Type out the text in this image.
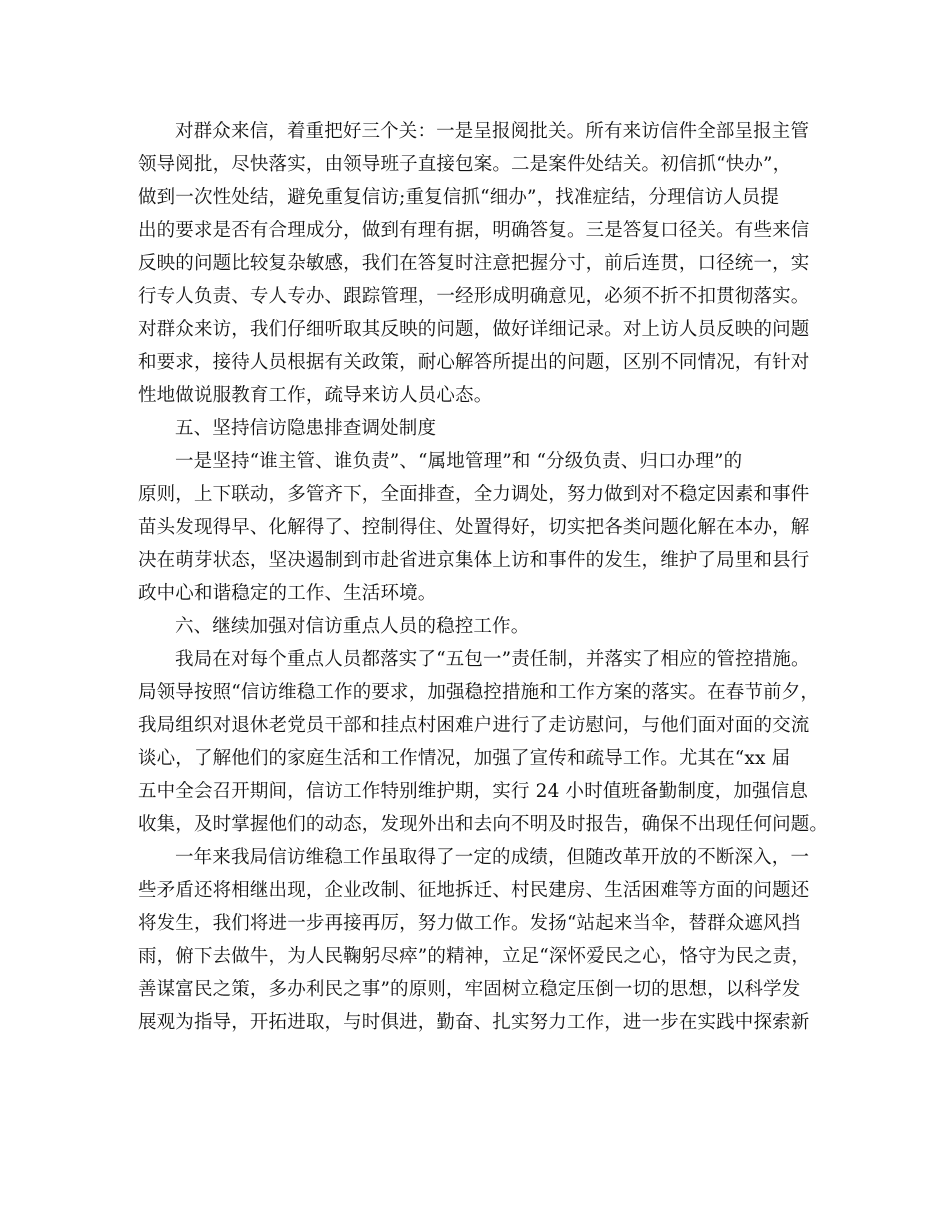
对群众来信，着重把好三个关：一是呈报阅批关。所有来访信件全部呈报主管
领导阅批，尽快落实，由领导班子直接包案。二是案件处结关。初信抓“快办”，
做到一次性处结，避免重复信访;重复信抓“细办”，找准症结，分理信访人员提
出的要求是否有合理成分，做到有理有据，明确答复。三是答复口径关。有些来信
反映的问题比较复杂敏感，我们在答复时注意把握分寸，前后连贯，口径统一，实
行专人负责、专人专办、跟踪管理，一经形成明确意见，必须不折不扣贯彻落实。
对群众来访，我们仔细听取其反映的问题，做好详细记录。对上访人员反映的问题
和要求，接待人员根据有关政策，耐心解答所提出的问题，区别不同情况，有针对
性地做说服教育工作，疏导来访人员心态。
五、坚持信访隐患排查调处制度
一是坚持“谁主管、谁负责”、“属地管理”和 “分级负责、归口办理”的
原则，上下联动，多管齐下，全面排查，全力调处，努力做到对不稳定因素和事件
苗头发现得早、化解得了、控制得住、处置得好，切实把各类问题化解在本办，解
决在萌芽状态，坚决遏制到市赴省进京集体上访和事件的发生，维护了局里和县行
政中心和谐稳定的工作、生活环境。
六、继续加强对信访重点人员的稳控工作。
我局在对每个重点人员都落实了“五包一”责任制，并落实了相应的管控措施。
局领导按照“信访维稳工作的要求，加强稳控措施和工作方案的落实。在春节前夕，
我局组织对退休老党员干部和挂点村困难户进行了走访慰问，与他们面对面的交流
谈心，了解他们的家庭生活和工作情况，加强了宣传和疏导工作。尤其在“xx 届
五中全会召开期间，信访工作特别维护期，实行 24 小时值班备勤制度，加强信息
收集，及时掌握他们的动态，发现外出和去向不明及时报告，确保不出现任何问题。
一年来我局信访维稳工作虽取得了一定的成绩，但随改革开放的不断深入，一
些矛盾还将相继出现，企业改制、征地拆迁、村民建房、生活困难等方面的问题还
将发生，我们将进一步再接再厉，努力做工作。发扬“站起来当伞，替群众遮风挡
雨，俯下去做牛，为人民鞠躬尽瘁”的精神，立足“深怀爱民之心，恪守为民之责，
善谋富民之策，多办利民之事”的原则，牢固树立稳定压倒一切的思想，以科学发
展观为指导，开拓进取，与时俱进，勤奋、扎实努力工作，进一步在实践中探索新
